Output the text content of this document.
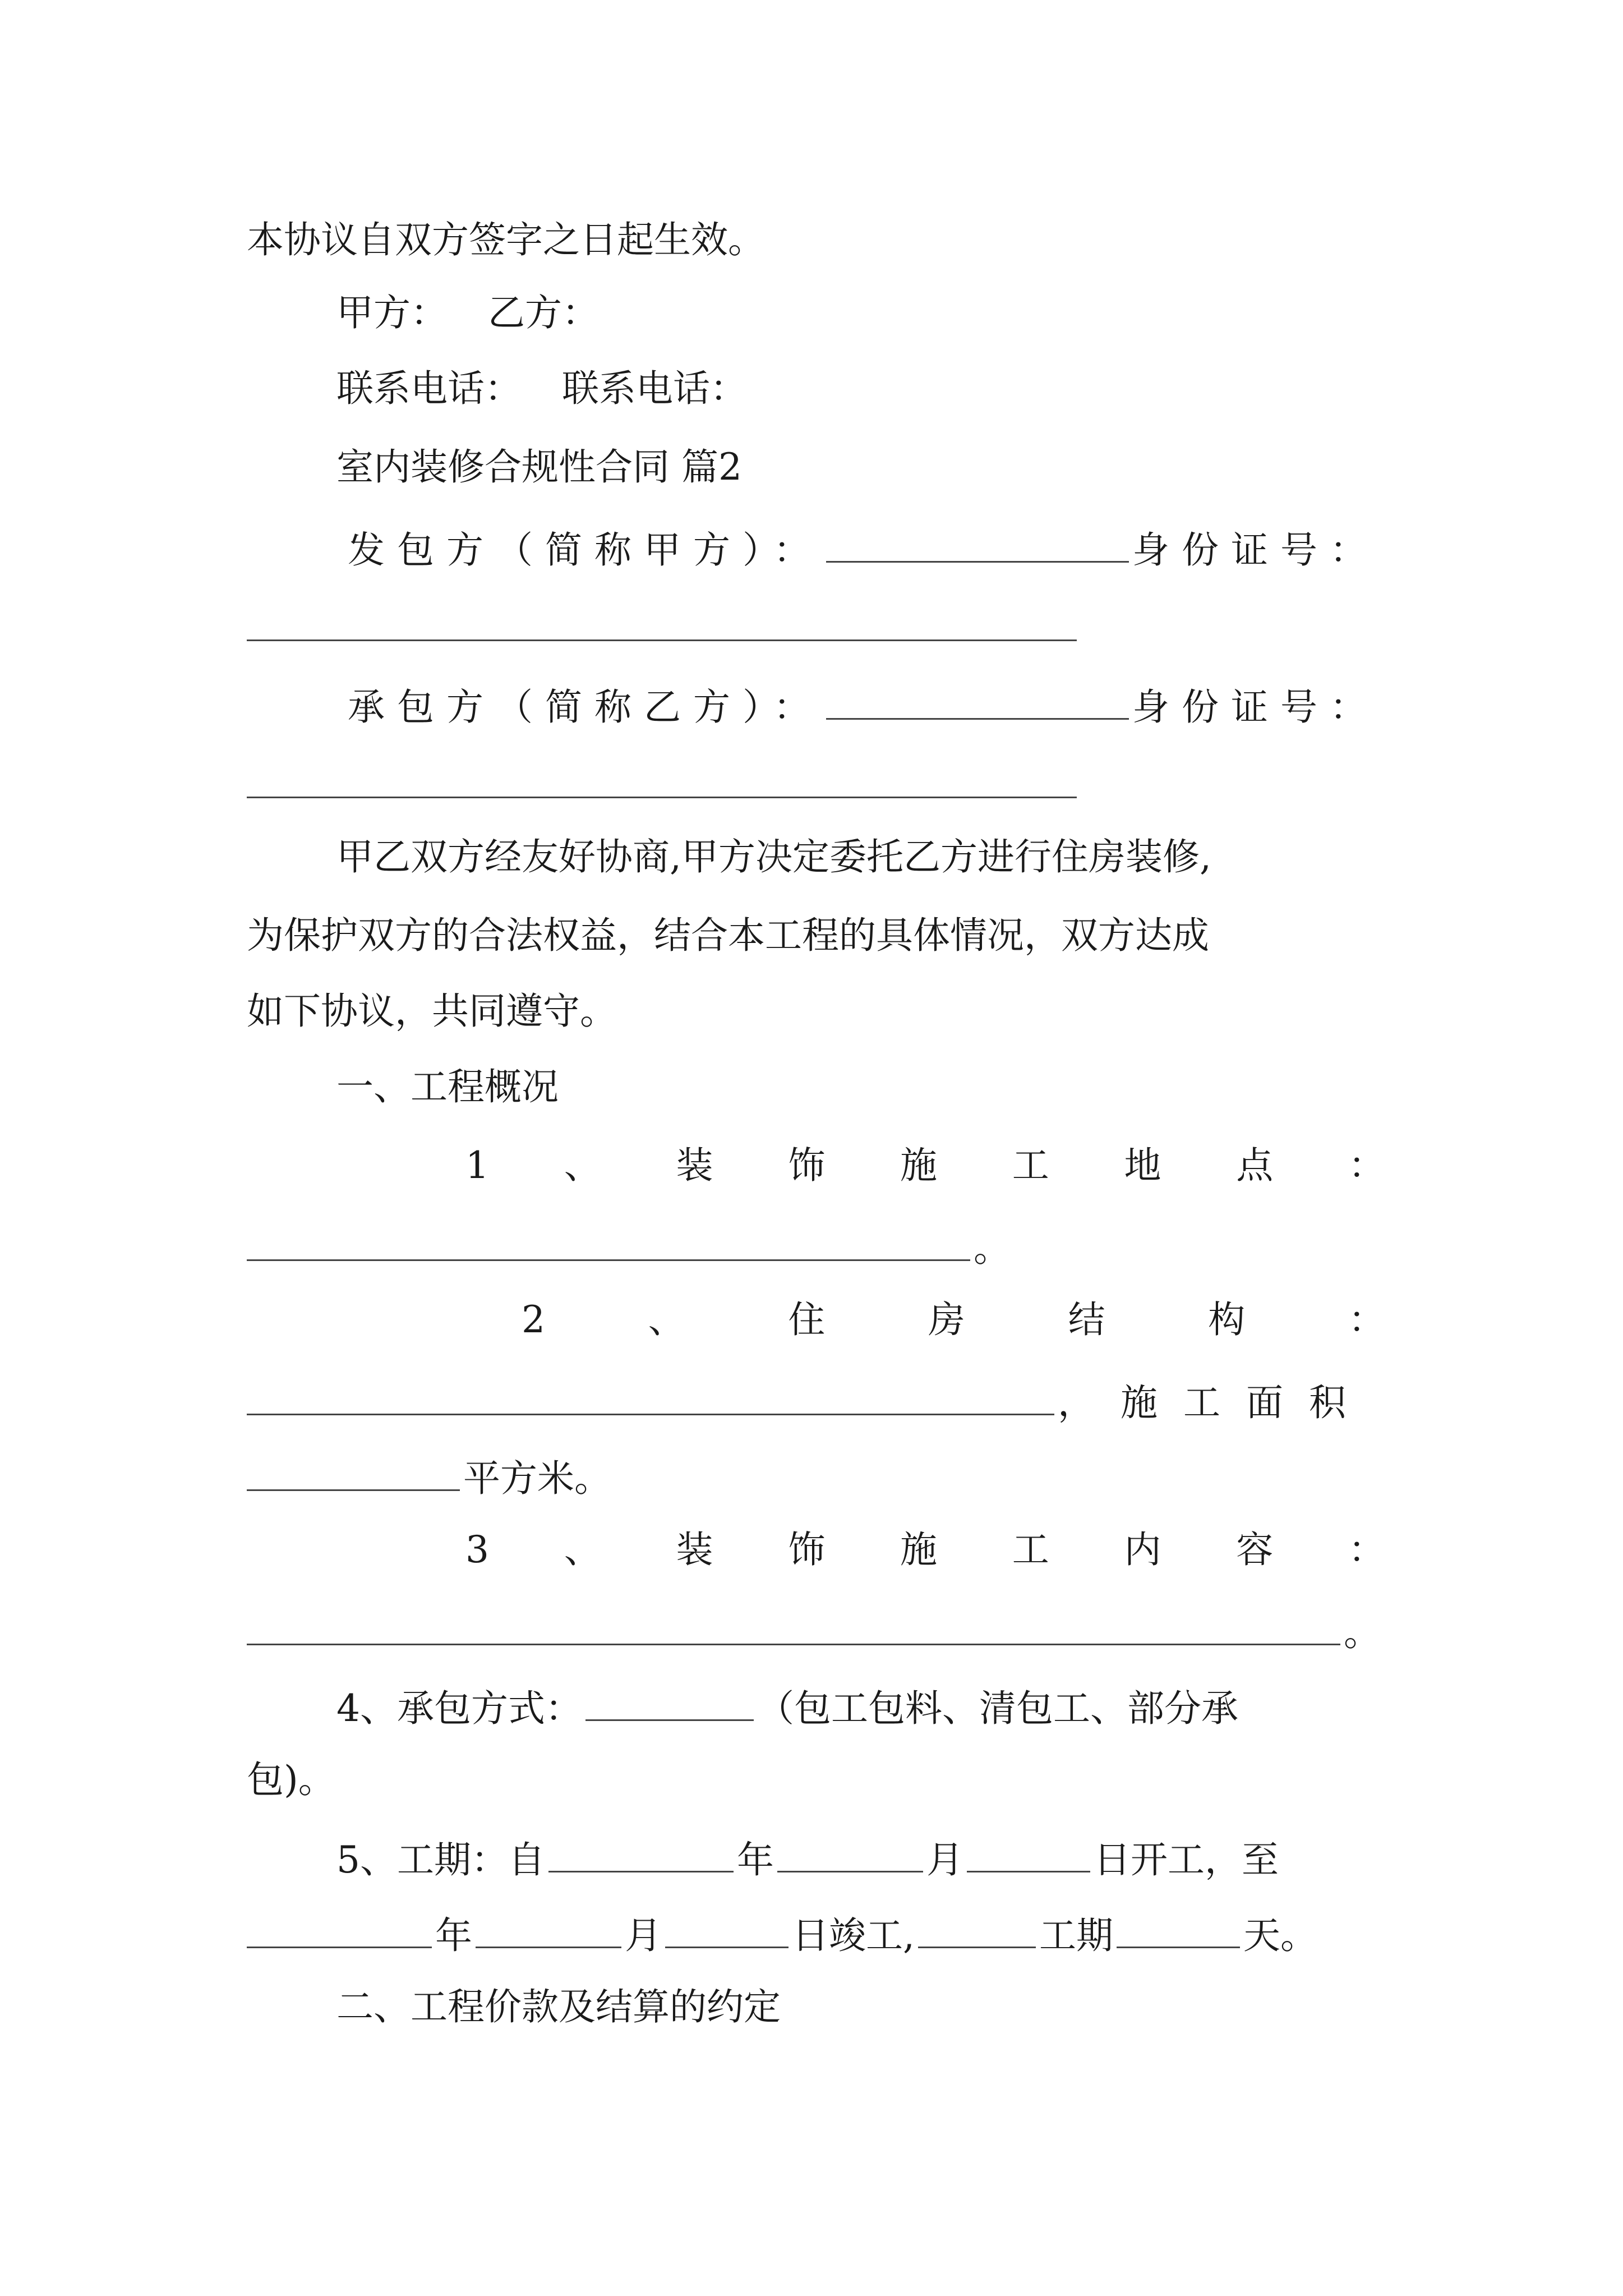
本协议自双方签字之日起生效。
甲方： 乙方：
联系电话： 联系电话：
室内装修合规性合同 篇2
发包方（简称甲方）：	身份证号：
承包方（简称乙方）：	身份证号：
甲乙双方经友好协商,甲方决定委托乙方进行住房装修,
为保护双方的合法权益，结合本工程的具体情况，双方达成
如下协议，共同遵守。
一、工程概况
1 、 装 饰 施 工 地 点 ：
。
2	、	住	房	结	构	：
，施工面积
平方米。
3 、 装 饰 施 工 内 容 ：
。
4、承包方式：	（包工包料、清包工、部分承
包)。
5、工期：自	年	月	日开工，至
年	月	日竣工,	工期	天。
二、工程价款及结算的约定
